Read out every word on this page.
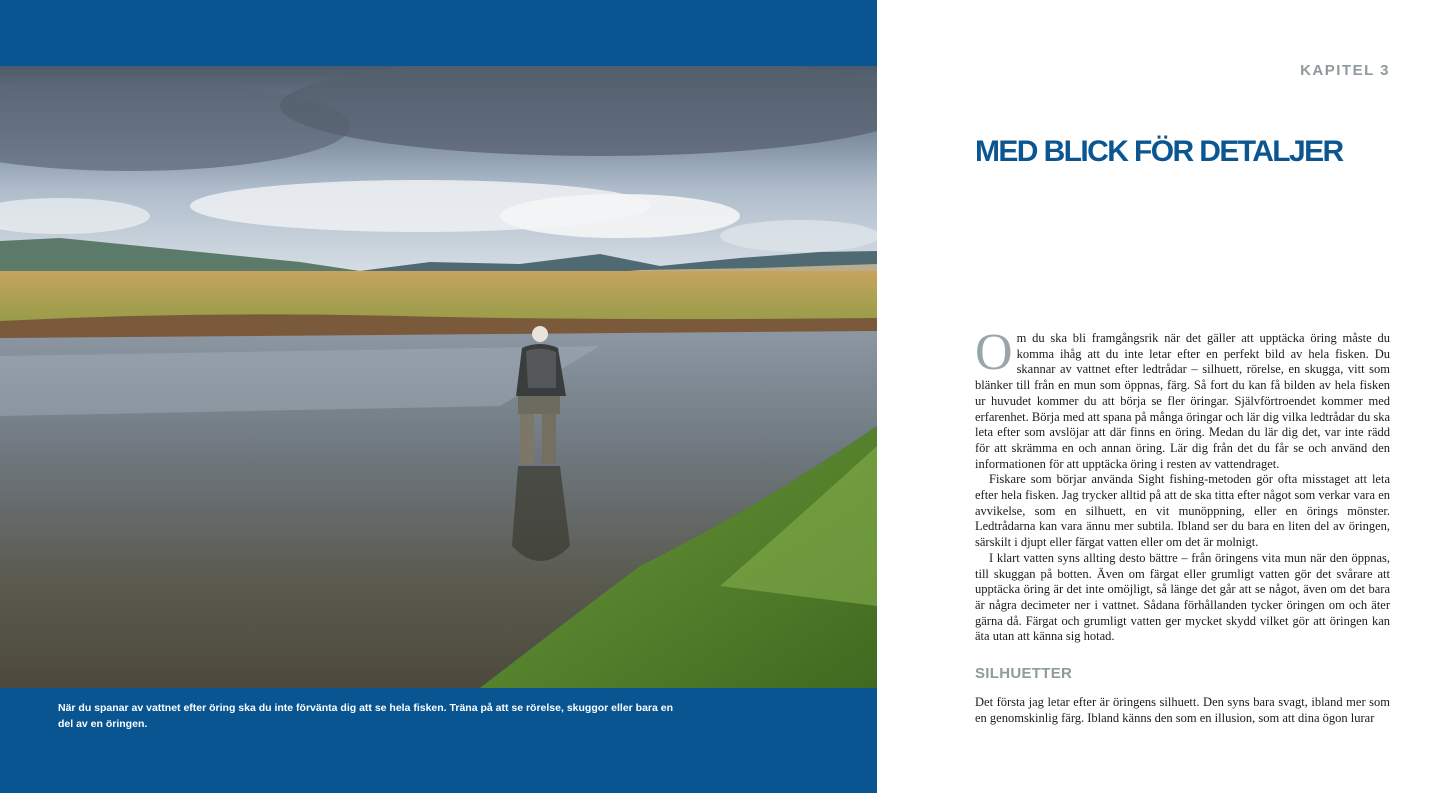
När du spanar av vattnet efter öring ska du inte förvänta dig att se hela fisken. Träna på att se rörelse, skuggor eller bara en del av en öringen.

KAPITEL 3

MED BLICK FÖR DETALJER

Om du ska bli framgångsrik när det gäller att upptäcka öring måste du komma ihåg att du inte letar efter en perfekt bild av hela fisken. Du skannar av vattnet efter ledtrådar – silhuett, rörelse, en skugga, vitt som blänker till från en mun som öppnas, färg. Så fort du kan få bilden av hela fisken ur huvudet kommer du att börja se fler öringar. Självförtroendet kommer med erfarenhet. Börja med att spana på många öringar och lär dig vilka ledtrådar du ska leta efter som avslöjar att där finns en öring. Medan du lär dig det, var inte rädd för att skrämma en och annan öring. Lär dig från det du får se och använd den informationen för att upptäcka öring i resten av vattendraget.

Fiskare som börjar använda Sight fishing-metoden gör ofta misstaget att leta efter hela fisken. Jag trycker alltid på att de ska titta efter något som verkar vara en avvikelse, som en silhuett, en vit munöppning, eller en örings mönster. Ledtrådarna kan vara ännu mer subtila. Ibland ser du bara en liten del av öringen, särskilt i djupt eller färgat vatten eller om det är molnigt.

I klart vatten syns allting desto bättre – från öringens vita mun när den öppnas, till skuggan på botten. Även om färgat eller grumligt vatten gör det svårare att upptäcka öring är det inte omöjligt, så länge det går att se något, även om det bara är några decimeter ner i vattnet. Sådana förhållanden tycker öringen om och äter gärna då. Färgat och grumligt vatten ger mycket skydd vilket gör att öringen kan äta utan att känna sig hotad.

SILHUETTER

Det första jag letar efter är öringens silhuett. Den syns bara svagt, ibland mer som en genomskinlig färg. Ibland känns den som en illusion, som att dina ögon lurar
